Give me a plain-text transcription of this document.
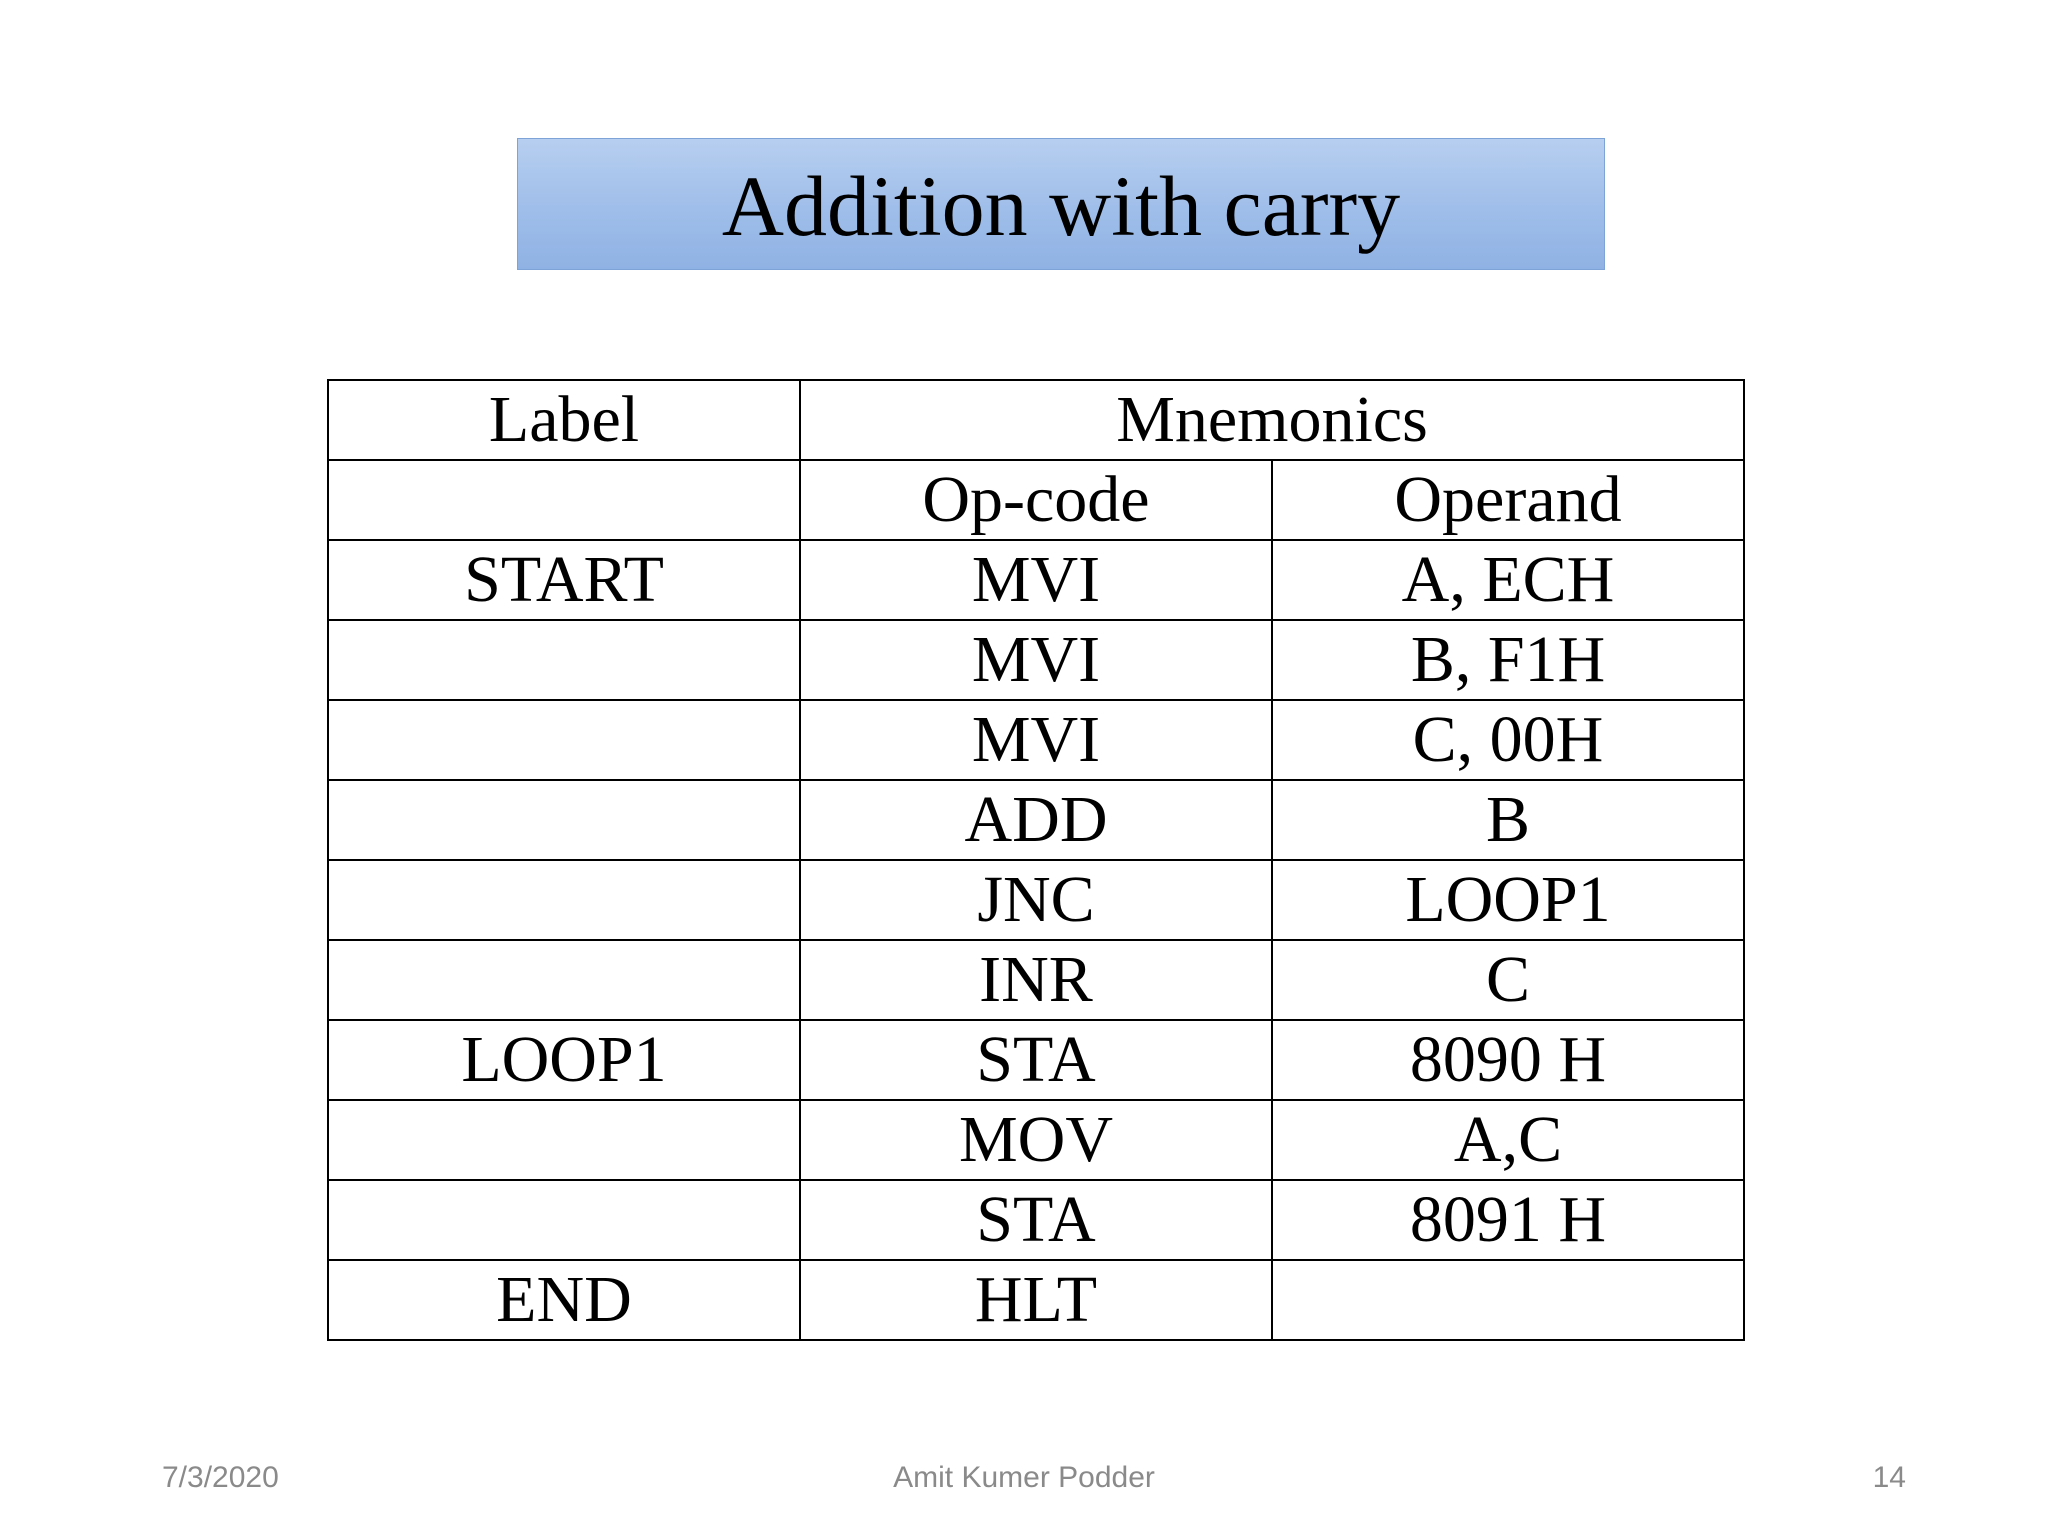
Addition with carry
Label	Mnemonics	
	Op-code	Operand
START	MVI	A, ECH
	MVI	B, F1H
	MVI	C, 00H
	ADD	B
	JNC	LOOP1
	INR	C
LOOP1	STA	8090 H
	MOV	A,C
	STA	8091 H
END	HLT	
7/3/2020	Amit Kumer Podder	14
